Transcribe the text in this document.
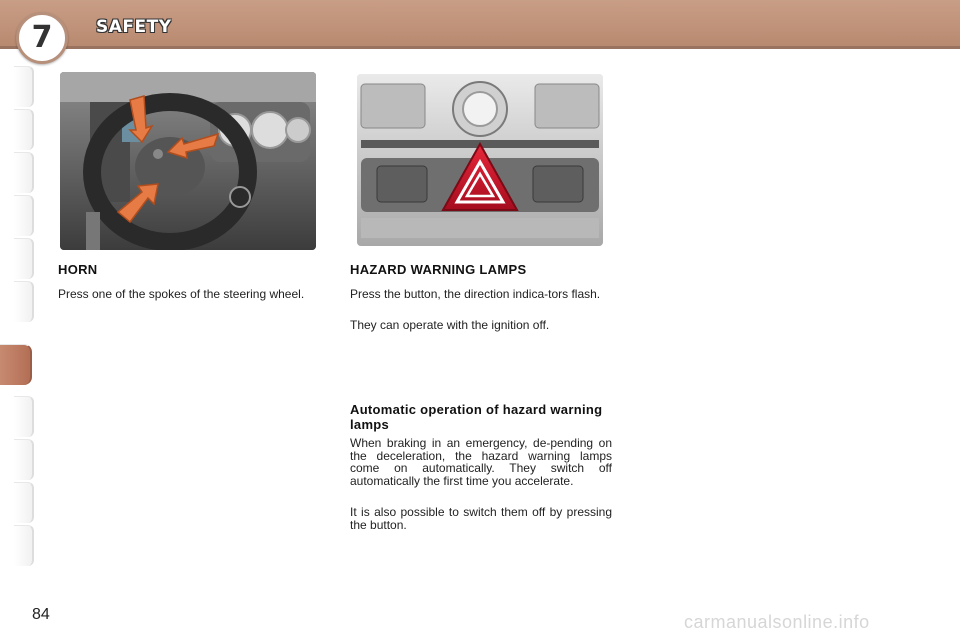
7	SAFETY
HORN

Press one of the spokes of the steering wheel.

HAZARD WARNING LAMPS

Press the button, the direction indica-tors flash.

They can operate with the ignition off.

Automatic operation of hazard warning lamps

When braking in an emergency, de-pending on the deceleration, the hazard warning lamps come on automatically. They switch off automatically the first time you accelerate.

It is also possible to switch them off by pressing the button.

84	carmanualsonline.info
